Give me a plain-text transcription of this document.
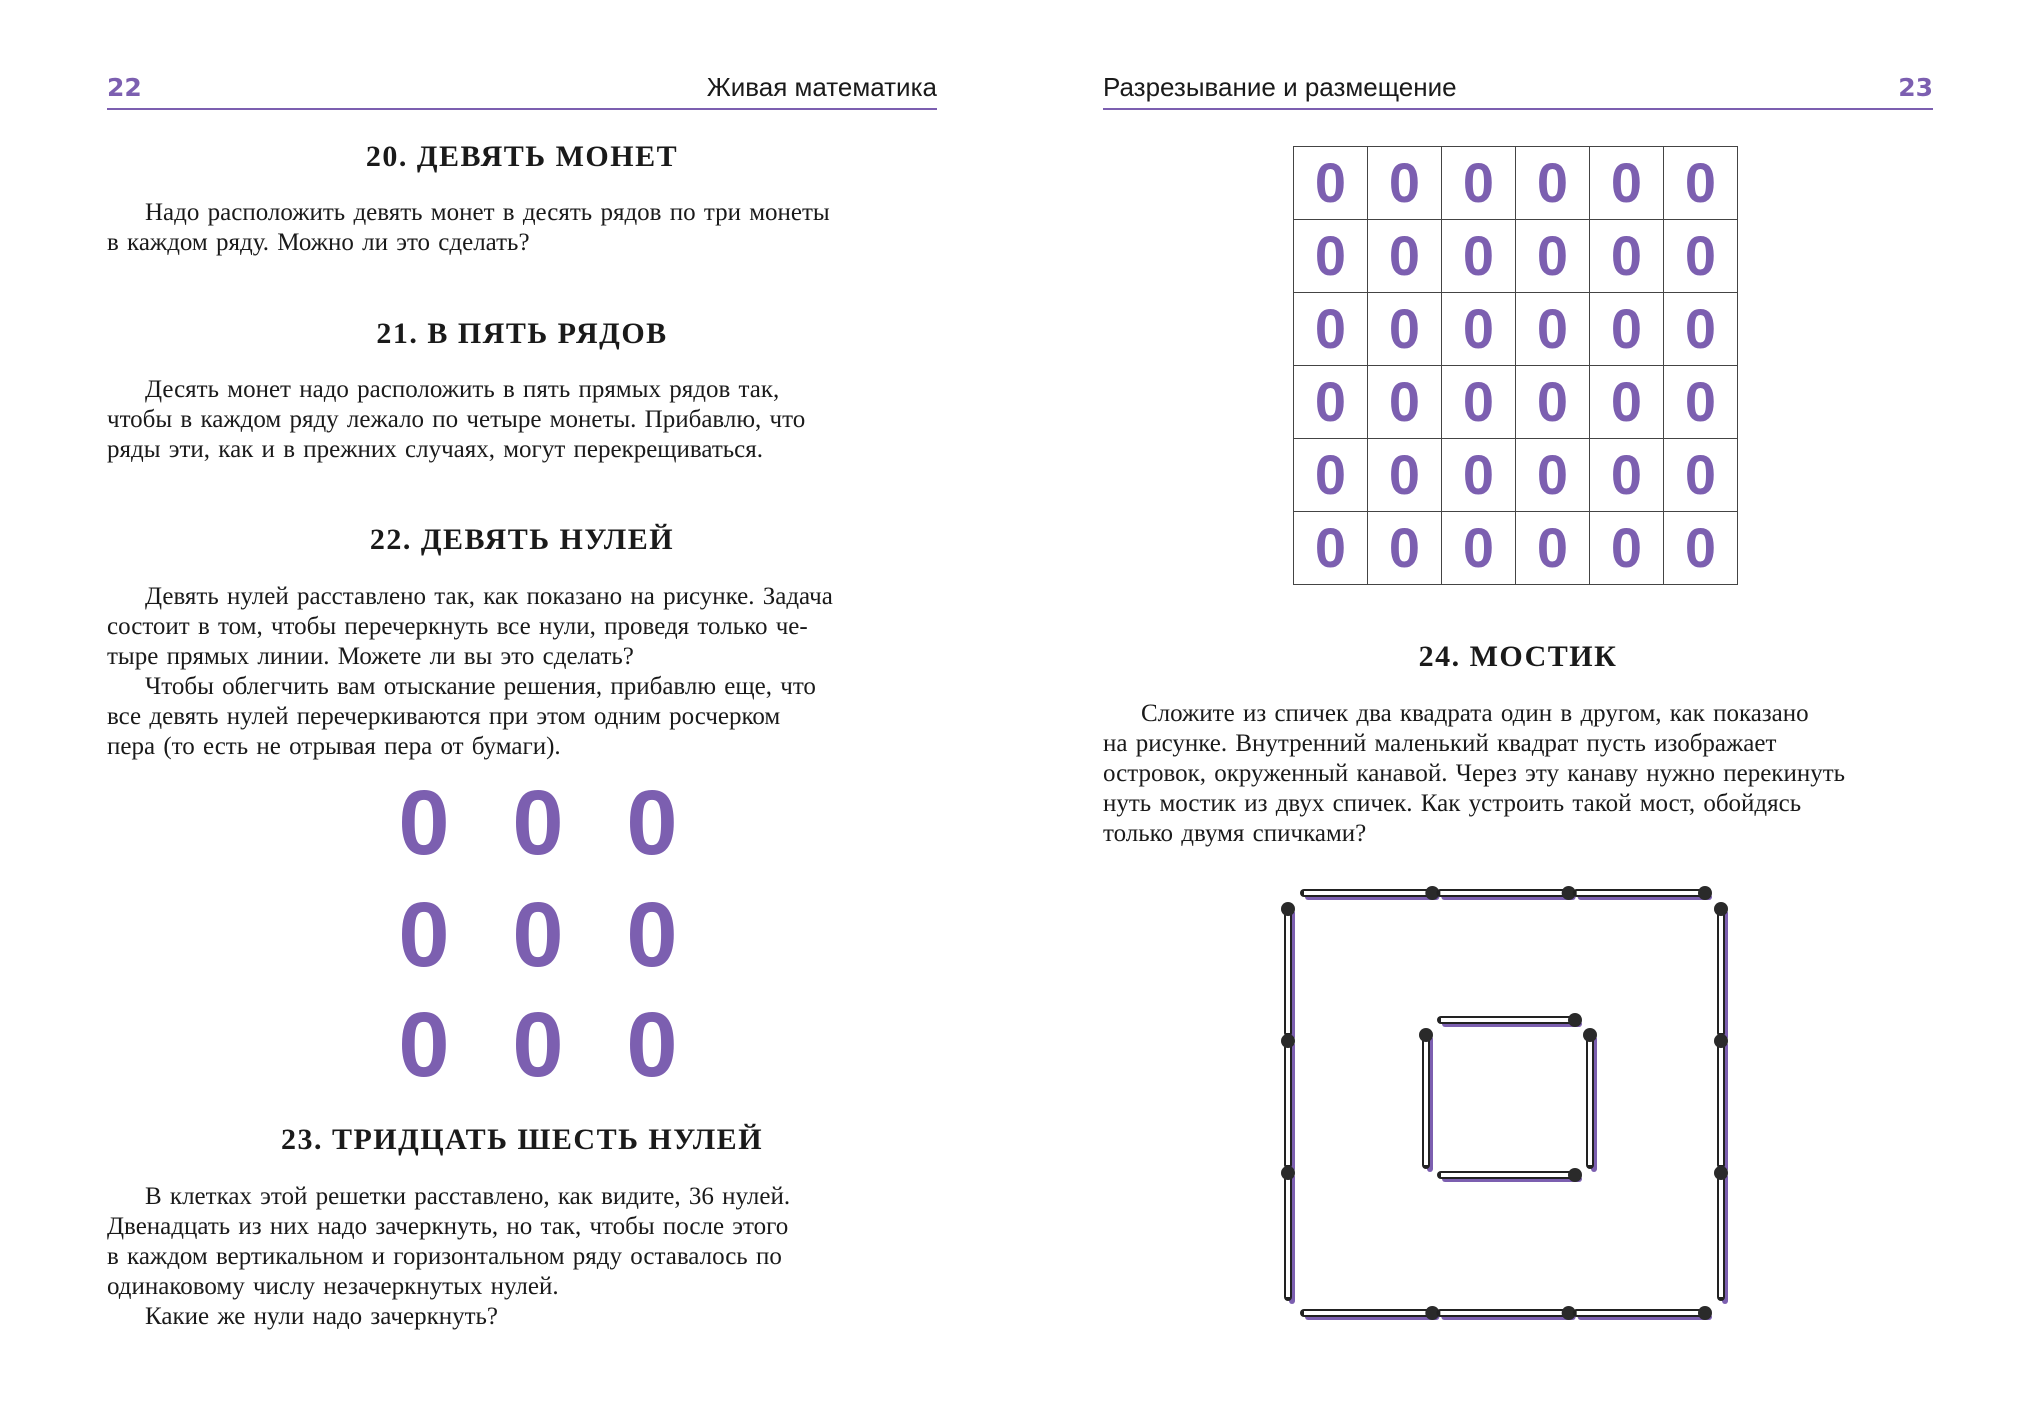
22	Живая математика
20. ДЕВЯТЬ МОНЕТ

Надо расположить девять монет в десять рядов по три монеты
в каждом ряду. Можно ли это сделать?

21. В ПЯТЬ РЯДОВ

Десять монет надо расположить в пять прямых рядов так,
чтобы в каждом ряду лежало по четыре монеты. Прибавлю, что
ряды эти, как и в прежних случаях, могут перекрещиваться.

22. ДЕВЯТЬ НУЛЕЙ

Девять нулей расставлено так, как показано на рисунке. Задача
состоит в том, чтобы перечеркнуть все нули, проведя только че-
тыре прямых линии. Можете ли вы это сделать?

Чтобы облегчить вам отыскание решения, прибавлю еще, что
все девять нулей перечеркиваются при этом одним росчерком
пера (то есть не отрывая пера от бумаги).

0 0 0
0 0 0
0 0 0
23. ТРИДЦАТЬ ШЕСТЬ НУЛЕЙ

В клетках этой решетки расставлено, как видите, 36 нулей.
Двенадцать из них надо зачеркнуть, но так, чтобы после этого
в каждом вертикальном и горизонтальном ряду оставалось по
одинаковому числу незачеркнутых нулей.

Какие же нули надо зачеркнуть?

Разрезывание и размещение	23
0	0	0	0	0	0
0	0	0	0	0	0
0	0	0	0	0	0
0	0	0	0	0	0
0	0	0	0	0	0
0	0	0	0	0	0
24. МОСТИК

Сложите из спичек два квадрата один в другом, как показано
на рисунке. Внутренний маленький квадрат пусть изображает
островок, окруженный канавой. Через эту канаву нужно перекинуть
нуть мостик из двух спичек. Как устроить такой мост, обойдясь
только двумя спичками?
